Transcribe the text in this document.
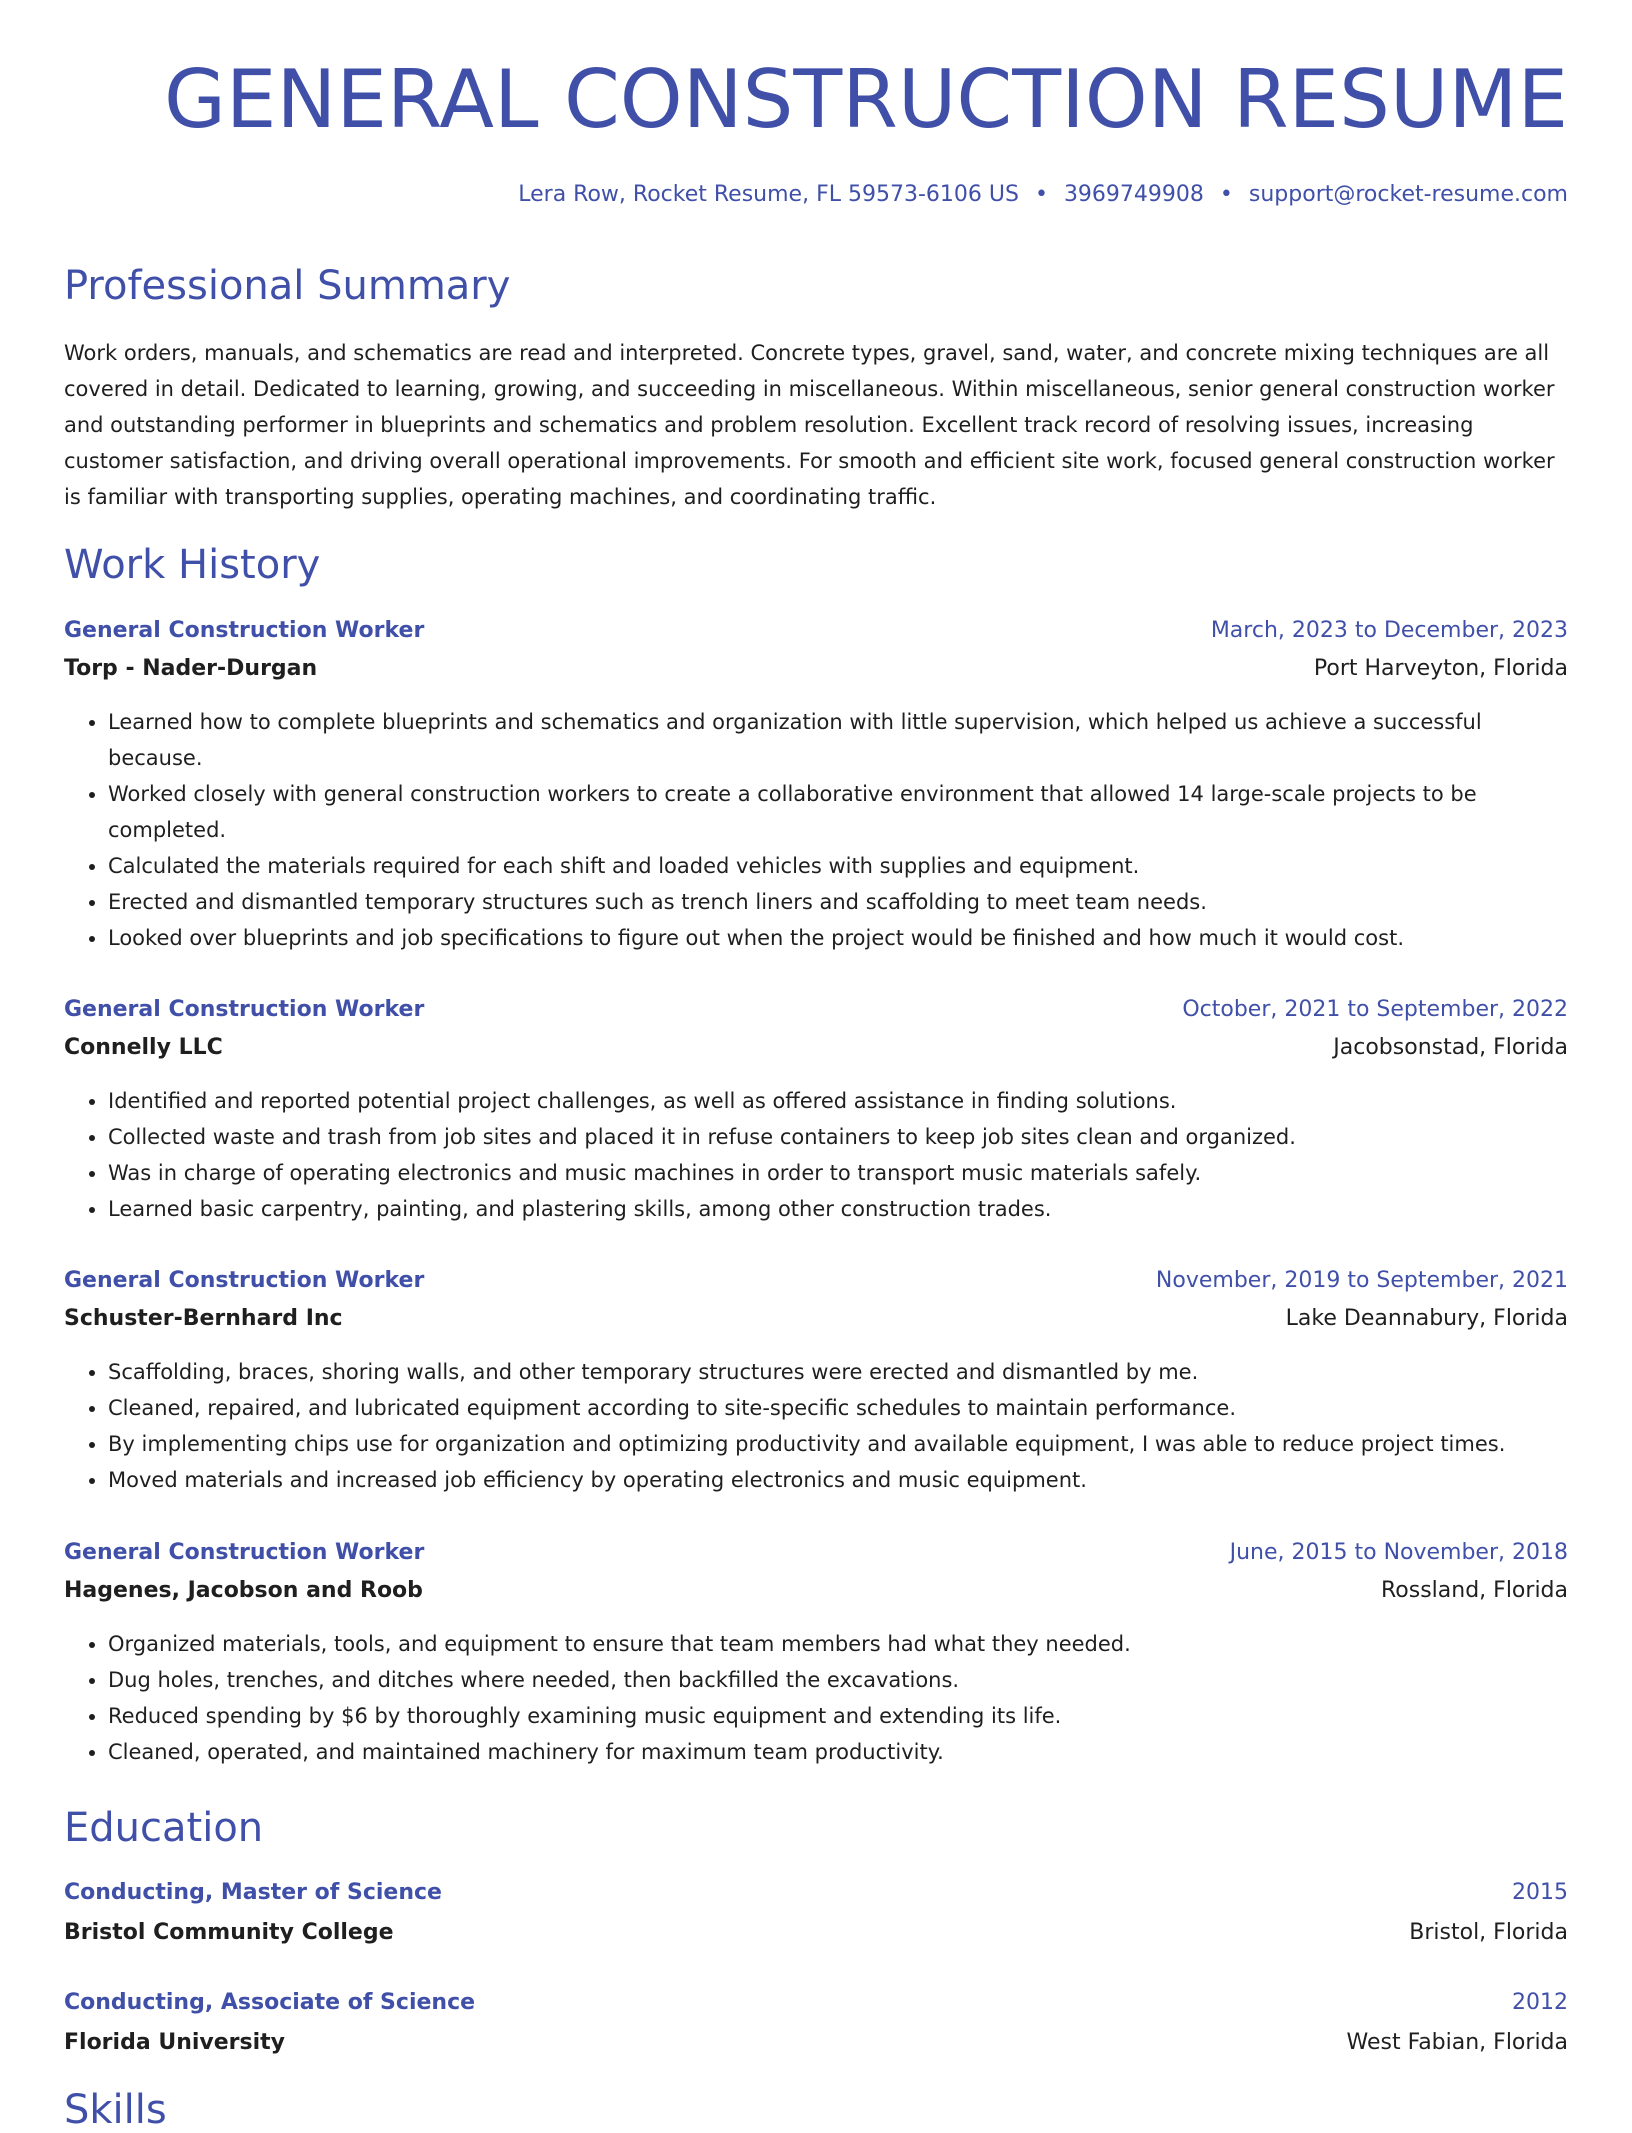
GENERAL CONSTRUCTION RESUME
Lera Row, Rocket Resume, FL 59573-6106 US • 3969749908 • support@rocket-resume.com
Professional Summary

Work orders, manuals, and schematics are read and interpreted. Concrete types, gravel, sand, water, and concrete mixing techniques are all covered in detail. Dedicated to learning, growing, and succeeding in miscellaneous. Within miscellaneous, senior general construction worker and outstanding performer in blueprints and schematics and problem resolution. Excellent track record of resolving issues, increasing customer satisfaction, and driving overall operational improvements. For smooth and efficient site work, focused general construction worker is familiar with transporting supplies, operating machines, and coordinating traffic.

Work History
General Construction Worker	March, 2023 to December, 2023
Torp - Nader-Durgan	Port Harveyton, Florida
• Learned how to complete blueprints and schematics and organization with little supervision, which helped us achieve a successful because.
• Worked closely with general construction workers to create a collaborative environment that allowed 14 large-scale projects to be completed.
• Calculated the materials required for each shift and loaded vehicles with supplies and equipment.
• Erected and dismantled temporary structures such as trench liners and scaffolding to meet team needs.
• Looked over blueprints and job specifications to figure out when the project would be finished and how much it would cost.
General Construction Worker	October, 2021 to September, 2022
Connelly LLC	Jacobsonstad, Florida
• Identified and reported potential project challenges, as well as offered assistance in finding solutions.
• Collected waste and trash from job sites and placed it in refuse containers to keep job sites clean and organized.
• Was in charge of operating electronics and music machines in order to transport music materials safely.
• Learned basic carpentry, painting, and plastering skills, among other construction trades.
General Construction Worker	November, 2019 to September, 2021
Schuster-Bernhard Inc	Lake Deannabury, Florida
• Scaffolding, braces, shoring walls, and other temporary structures were erected and dismantled by me.
• Cleaned, repaired, and lubricated equipment according to site-specific schedules to maintain performance.
• By implementing chips use for organization and optimizing productivity and available equipment, I was able to reduce project times.
• Moved materials and increased job efficiency by operating electronics and music equipment.
General Construction Worker	June, 2015 to November, 2018
Hagenes, Jacobson and Roob	Rossland, Florida
• Organized materials, tools, and equipment to ensure that team members had what they needed.
• Dug holes, trenches, and ditches where needed, then backfilled the excavations.
• Reduced spending by $6 by thoroughly examining music equipment and extending its life.
• Cleaned, operated, and maintained machinery for maximum team productivity.
Education
Conducting, Master of Science	2015
Bristol Community College	Bristol, Florida
Conducting, Associate of Science	2012
Florida University	West Fabian, Florida
Skills
